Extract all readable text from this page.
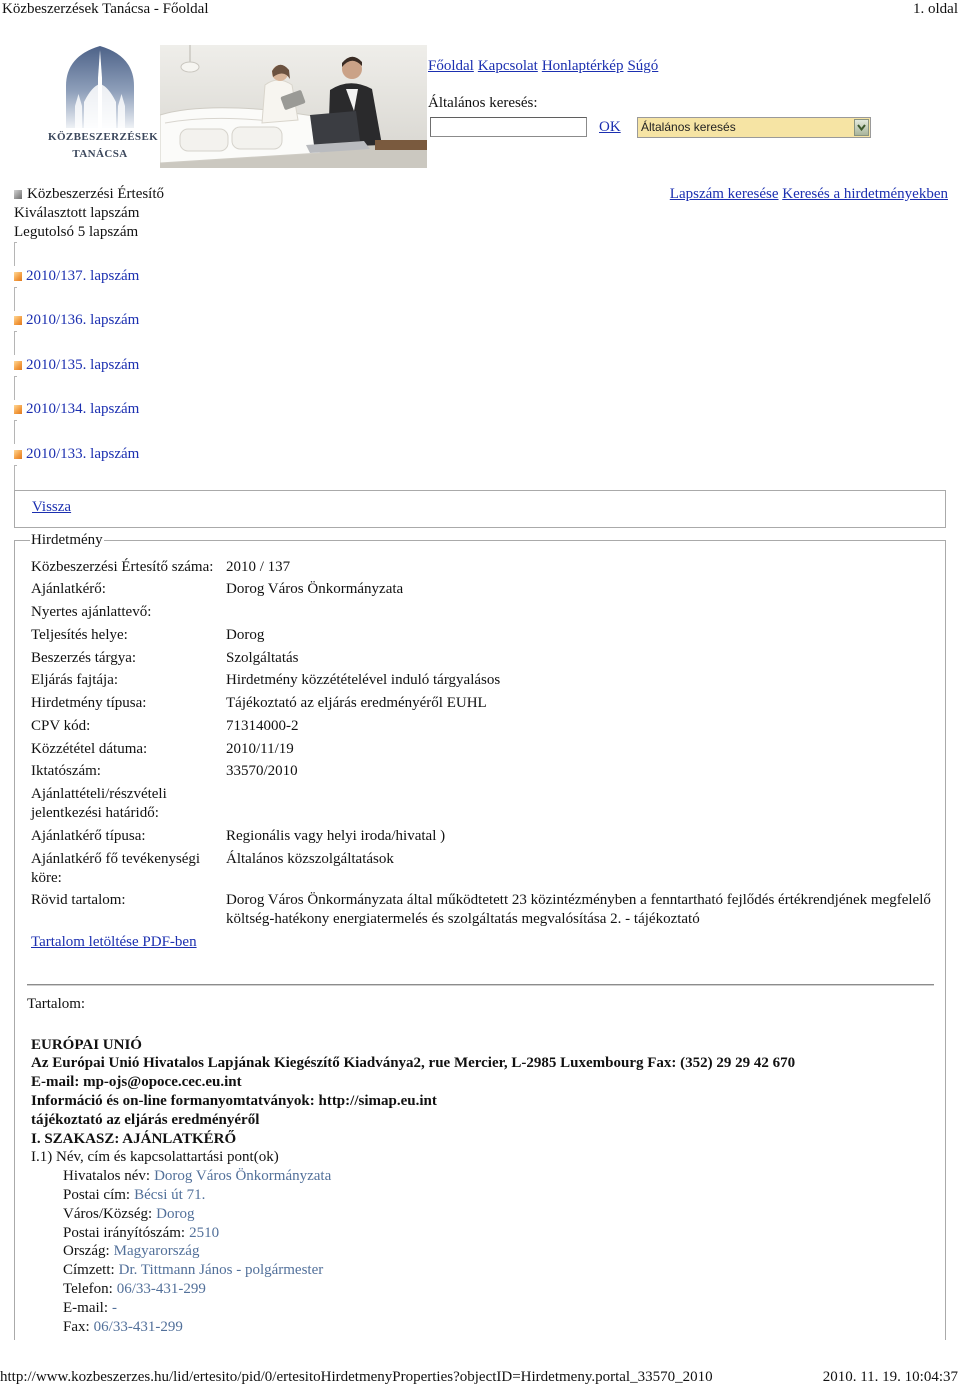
Közbeszerzések Tanácsa - Főoldal	1. oldal
KÖZBESZERZÉSEK
TANÁCSA
Főoldal Kapcsolat Honlaptérkép Súgó
Általános keresés:
OK Általános keresés
Közbeszerzési Értesítő
Kiválasztott lapszám
Legutolsó 5 lapszám
Lapszám keresése Keresés a hirdetményekben
2010/137. lapszám
2010/136. lapszám
2010/135. lapszám
2010/134. lapszám
2010/133. lapszám
Vissza
Hirdetmény
Közbeszerzési Értesítő száma:	2010 / 137
Ajánlatkérő:	Dorog Város Önkormányzata
Nyertes ajánlattevő:	
Teljesítés helye:	Dorog
Beszerzés tárgya:	Szolgáltatás
Eljárás fajtája:	Hirdetmény közzétételével induló tárgyalásos
Hirdetmény típusa:	Tájékoztató az eljárás eredményéről EUHL
CPV kód:	71314000-2
Közzététel dátuma:	2010/11/19
Iktatószám:	33570/2010
Ajánlattételi/részvételi jelentkezési határidő:	
Ajánlatkérő típusa:	Regionális vagy helyi iroda/hivatal )
Ajánlatkérő fő tevékenységi köre:	Általános közszolgáltatások
Rövid tartalom:	Dorog Város Önkormányzata által működtetett 23 közintézményben a fenntartható fejlődés értékrendjének megfelelő költség-hatékony energiatermelés és szolgáltatás megvalósítása 2. - tájékoztató
Tartalom letöltése PDF-ben	
Tartalom:
EURÓPAI UNIÓ
Az Európai Unió Hivatalos Lapjának Kiegészítő Kiadványa2, rue Mercier, L-2985 Luxembourg Fax: (352) 29 29 42 670
E-mail: mp-ojs@opoce.cec.eu.int
Információ és on-line formanyomtatványok: http://simap.eu.int
tájékoztató az eljárás eredményéről
I. SZAKASZ: AJÁNLATKÉRŐ
I.1) Név, cím és kapcsolattartási pont(ok)
Hivatalos név: Dorog Város Önkormányzata
Postai cím: Bécsi út 71.
Város/Község: Dorog
Postai irányítószám: 2510
Ország: Magyarország
Címzett: Dr. Tittmann János - polgármester
Telefon: 06/33-431-299
E-mail: -
Fax: 06/33-431-299
http://www.kozbeszerzes.hu/lid/ertesito/pid/0/ertesitoHirdetmenyProperties?objectID=Hirdetmeny.portal_33570_2010	2010. 11. 19. 10:04:37
